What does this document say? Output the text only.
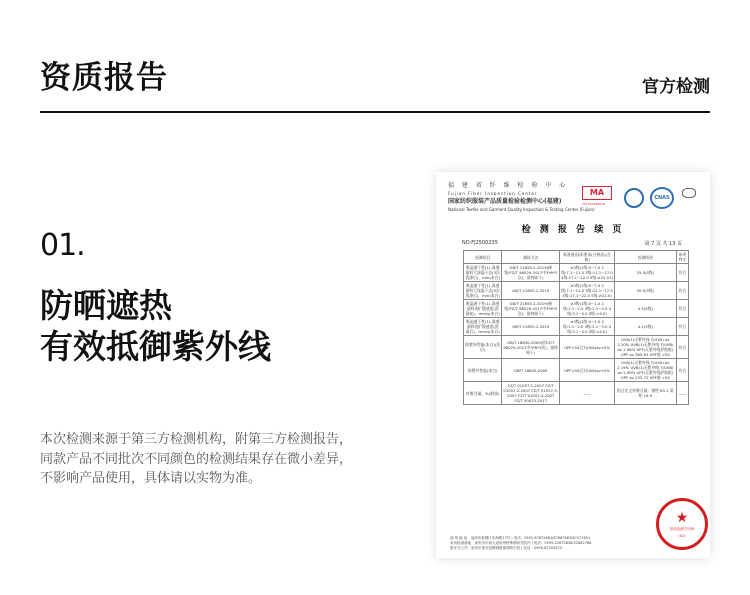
资质报告	官方检测
01.
防晒遮热
有效抵御紫外线
本次检测来源于第三方检测机构，附第三方检测报告，
同款产品不同批次不同颜色的检测结果存在微小差异，
不影响产品使用，具体请以实物为准。
福 建 省 纤 维 检 验 中 心
Fujian Fiber Inspection Center
国家纺织服装产品质量检验检测中心(福建)
National Textile and Garment Quality Inspection & Testing Center (Fujian)
MA
221315340676
CNAS
检 测 报 告 续 页
NO:FJ2500235	第 7 页 共 13 页
检测项目	测试方法	标准值/技术要求(合格品)(合格)	检测结果	单项判定
吸湿速干性(1)-涤透面料大绿湿干态(3次洗涤后)，min(本白)	GB/T 21655.2-2019(梯级/FZ/T 98029-2017中3*6*3次)，最终晾干)	≥3级(1级:0~7.0 2级:7.1~11.0 3级:11.1~17.0 4级:17.1~22.0 5级:≥22.01)	25.0(5级)	符合
吸湿速干性(1)-涤透面料大绿湿干态(5次洗涤后)，min(本白)	GB/T 21655.2-2019	≥3级(1级:0~7.0 2级:7.1~11.0 3级:12.1~17.0 4级:17.1~22.0 5级:≥22.0)	30.0(5级)	符合
吸湿速干性(1)-涤透面料表扩散速度(洗涤前)，mm/s(本白)	GB/T 21655.2-2019(梯级/FZ/T 98029-2017中3*6*3次)，最终晾干)	≥3级(1级:0~1.0 2级:1.1~2.0 3级:2.1~3.0 4级:3.1~4.0 5级:>4.0)	4.5(5级)	符合
吸湿速干性(1)-涤透面料表扩散速度(洗涤后)，mm/s(本白)	GB/T 21655.2-2019	≥3级(1级:0~1.0 2级:1.1~2.0 3级:2.1~3.0 4级:3.1~4.0 5级:>4.0)	4.1(5级)	符合
防紫外性能(本白)(洗后)	GB/T 18830-2009(依FZ/T 98029-2017中3*6*3次)，最终晾干)	UPF>50且T(UVA)av<5%	UVA(1)无紫外线 T(UVA) av 2.10% UVB(1)无紫外线 T(UVB) av 2.98% UPF(无紫外线护肤板) UPF av 365.63 UPF值 >50	符合
防紫外性能(本白)	GB/T 18830-2009	UPF>50且T(UVA)av<5%	UVA(1)无紫外线 T(UVA) av 2.19% UVB(1)无紫外线 T(UVB) av 2.99% UPF(无紫外线护肤板) UPF av 233.72 UPF值 >50	符合
纤维含量，%(粉绿)	FZ/T 01057.1-2007 FZ/T 01057.2-2007 FZ/T 01057.3-2007 FZ/T 01057.4-2007 FZ/T 30023-2017	——	组合定义纤维含量：锦纶 83.1 氨纶 16.9	——
福 州 地 址：福州市鼓楼区东洲路17号 | 电话：0591-87672681/87687863/87477651
泉州检测基地：泉州市东海大道泉州特殊钢研究院内 | 电话：0595-22675838/22682766
惠安分公司：泉州市惠安县螺城镇锦绣路中段 | 电话：0595-87553370
★
检验检测专用章
(02)
